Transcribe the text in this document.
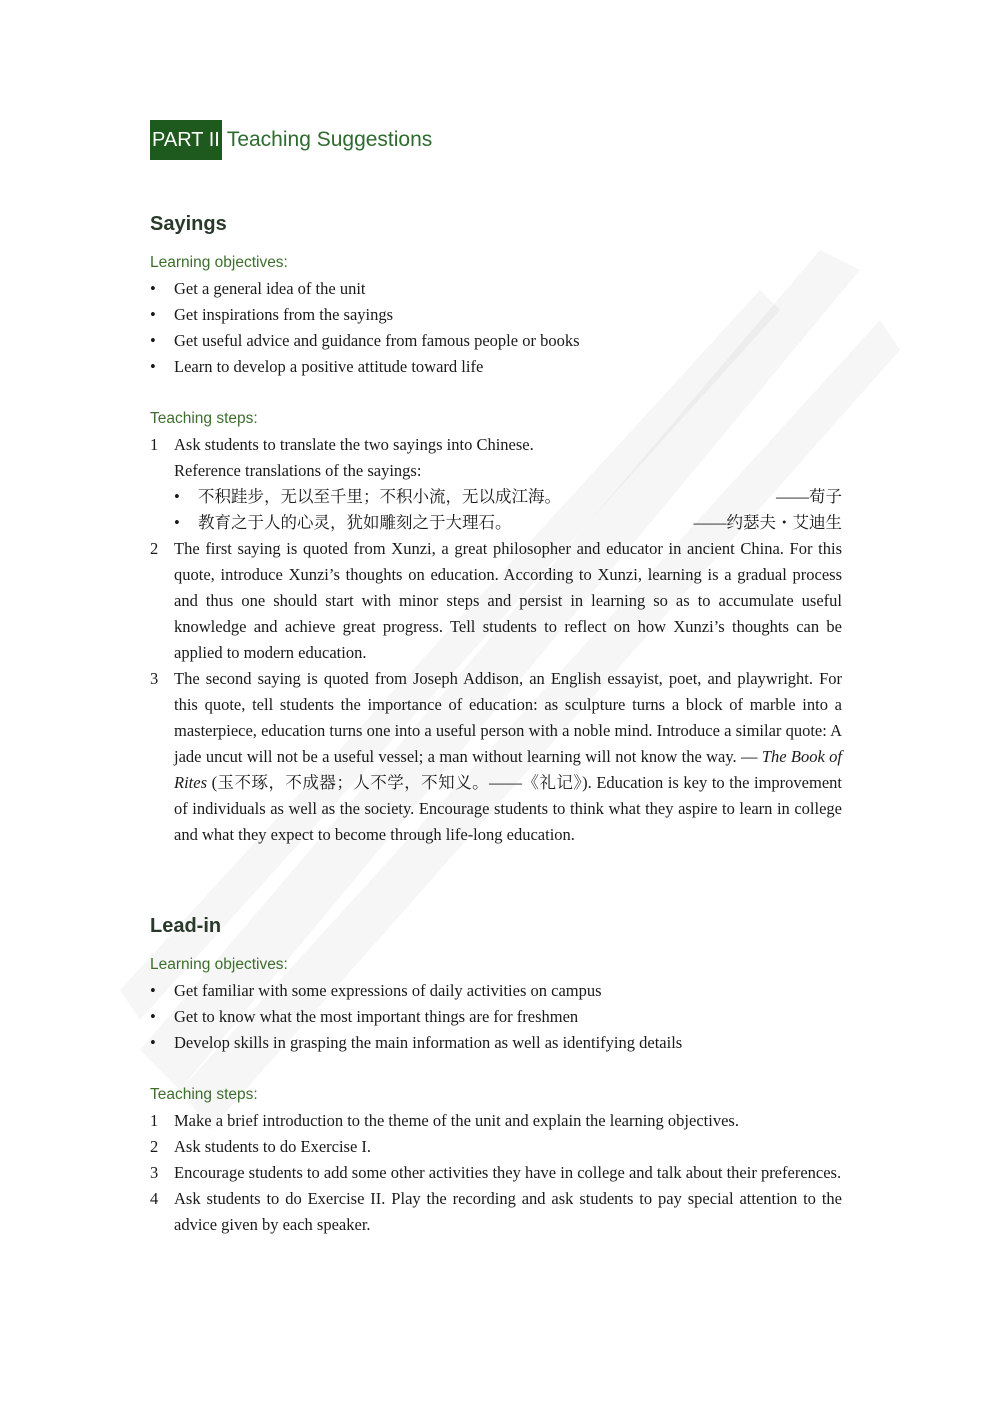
PART II Teaching Suggestions
Sayings
Learning objectives:
•	Get a general idea of the unit
•	Get inspirations from the sayings
•	Get useful advice and guidance from famous people or books
•	Learn to develop a positive attitude toward life
Teaching steps:
1 Ask students to translate the two sayings into Chinese.
Reference translations of the sayings:
•	不积跬步，无以至千里；不积小流，无以成江海。	——荀子
•	教育之于人的心灵，犹如雕刻之于大理石。	——约瑟夫・艾迪生
2 The first saying is quoted from Xunzi, a great philosopher and educator in ancient China. For this quote, introduce Xunzi’s thoughts on education. According to Xunzi, learning is a gradual process and thus one should start with minor steps and persist in learning so as to accumulate useful knowledge and achieve great progress. Tell students to reflect on how Xunzi’s thoughts can be applied to modern education.
3 The second saying is quoted from Joseph Addison, an English essayist, poet, and playwright. For this quote, tell students the importance of education: as sculpture turns a block of marble into a masterpiece, education turns one into a useful person with a noble mind. Introduce a similar quote: A jade uncut will not be a useful vessel; a man without learning will not know the way. — The Book of Rites (玉不琢，不成器；人不学，不知义。——《礼记》). Education is key to the improvement of individuals as well as the society. Encourage students to think what they aspire to learn in college and what they expect to become through life-long education.
Lead-in
Learning objectives:
•	Get familiar with some expressions of daily activities on campus
•	Get to know what the most important things are for freshmen
•	Develop skills in grasping the main information as well as identifying details
Teaching steps:
1 Make a brief introduction to the theme of the unit and explain the learning objectives.
2 Ask students to do Exercise I.
3 Encourage students to add some other activities they have in college and talk about their preferences.
4 Ask students to do Exercise II. Play the recording and ask students to pay special attention to the advice given by each speaker.
